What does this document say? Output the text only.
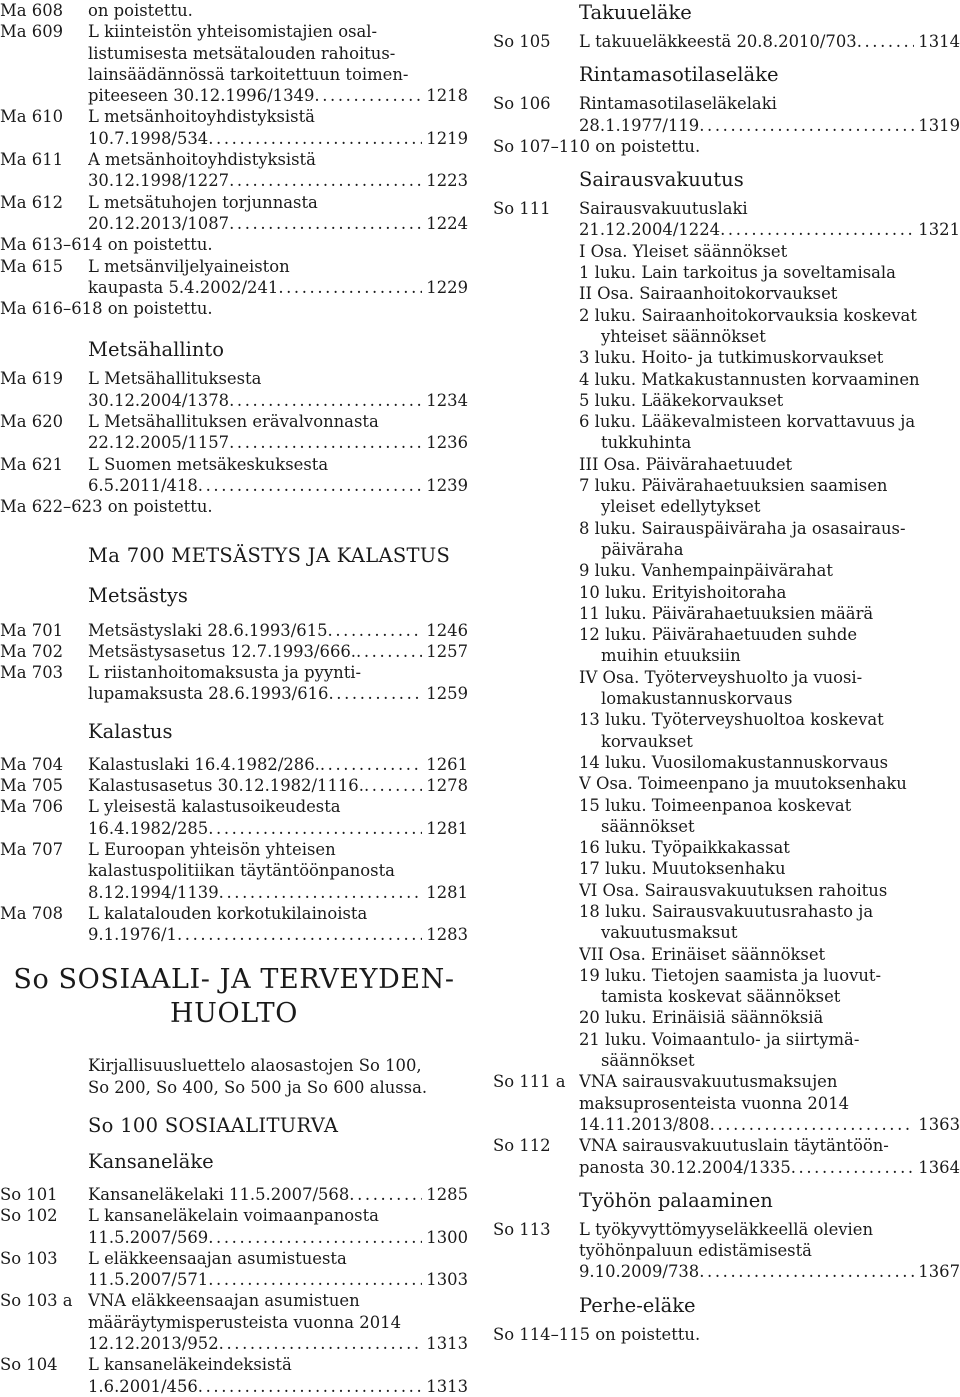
Ma 608	on poistettu.
Ma 609	L kiinteistön yhteisomistajien osal-
listumisesta metsätalouden rahoitus-
lainsäädännössä tarkoitettuun toimen-
piteeseen 30.12.1996/1349 .....	1218
Ma 610	L metsänhoitoyhdistyksistä
10.7.1998/534 .....	1219
Ma 611	A metsänhoitoyhdistyksistä
30.12.1998/1227 .....	1223
Ma 612	L metsätuhojen torjunnasta
20.12.2013/1087 .....	1224
Ma 613–614 on poistettu.
Ma 615	L metsänviljelyaineiston
kaupasta 5.4.2002/241 .....	1229
Ma 616–618 on poistettu.
Metsähallinto
Ma 619	L Metsähallituksesta
30.12.2004/1378 .....	1234
Ma 620	L Metsähallituksen erävalvonnasta
22.12.2005/1157 .....	1236
Ma 621	L Suomen metsäkeskuksesta
6.5.2011/418 .....	1239
Ma 622–623 on poistettu.
Ma 700 METSÄSTYS JA KALASTUS
Metsästys
Ma 701	Metsästyslaki 28.6.1993/615 .....	1246
Ma 702	Metsästysasetus 12.7.1993/666. .....	1257
Ma 703	L riistanhoitomaksusta ja pyynti-
lupamaksusta 28.6.1993/616 .....	1259
Kalastus
Ma 704	Kalastuslaki 16.4.1982/286. .....	1261
Ma 705	Kalastusasetus 30.12.1982/1116. .....	1278
Ma 706	L yleisestä kalastusoikeudesta
16.4.1982/285 .....	1281
Ma 707	L Euroopan yhteisön yhteisen
kalastuspolitiikan täytäntöönpanosta
8.12.1994/1139 .....	1281
Ma 708	L kalatalouden korkotukilainoista
9.1.1976/1 .....	1283
So SOSIAALI- JA TERVEYDEN-
HUOLTO
Kirjallisuusluettelo alaosastojen So 100,
So 200, So 400, So 500 ja So 600 alussa.
So 100 SOSIAALITURVA
Kansaneläke
So 101	Kansaneläkelaki 11.5.2007/568 .....	1285
So 102	L kansaneläkelain voimaanpanosta
11.5.2007/569 .....	1300
So 103	L eläkkeensaajan asumistuesta
11.5.2007/571 .....	1303
So 103 a VNA eläkkeensaajan asumistuen
määräytymisperusteista vuonna 2014
12.12.2013/952 .....	1313
So 104	L kansaneläkeindeksistä
1.6.2001/456 .....	1313
Takuueläke
So 105	L takuueläkkeestä 20.8.2010/703 .....	1314
Rintamasotilaseläke
So 106	Rintamasotilaseläkelaki
28.1.1977/119 .....	1319
So 107–110 on poistettu.
Sairausvakuutus
So 111	Sairausvakuutuslaki
21.12.2004/1224 .....	1321
I Osa. Yleiset säännökset
1 luku. Lain tarkoitus ja soveltamisala
II Osa. Sairaanhoitokorvaukset
2 luku. Sairaanhoitokorvauksia koskevat
yhteiset säännökset
3 luku. Hoito- ja tutkimuskorvaukset
4 luku. Matkakustannusten korvaaminen
5 luku. Lääkekorvaukset
6 luku. Lääkevalmisteen korvattavuus ja
tukkuhinta
III Osa. Päivärahaetuudet
7 luku. Päivärahaetuuksien saamisen
yleiset edellytykset
8 luku. Sairauspäiväraha ja osasairaus-
päiväraha
9 luku. Vanhempainpäivärahat
10 luku. Erityishoitoraha
11 luku. Päivärahaetuuksien määrä
12 luku. Päivärahaetuuden suhde
muihin etuuksiin
IV Osa. Työterveyshuolto ja vuosi-
lomakustannuskorvaus
13 luku. Työterveyshuoltoa koskevat
korvaukset
14 luku. Vuosilomakustannuskorvaus
V Osa. Toimeenpano ja muutoksenhaku
15 luku. Toimeenpanoa koskevat
säännökset
16 luku. Työpaikkakassat
17 luku. Muutoksenhaku
VI Osa. Sairausvakuutuksen rahoitus
18 luku. Sairausvakuutusrahasto ja
vakuutusmaksut
VII Osa. Erinäiset säännökset
19 luku. Tietojen saamista ja luovut-
tamista koskevat säännökset
20 luku. Erinäisiä säännöksiä
21 luku. Voimaantulo- ja siirtymä-
säännökset
So 111 a VNA sairausvakuutusmaksujen
maksuprosenteista vuonna 2014
14.11.2013/808 .....	1363
So 112	VNA sairausvakuutuslain täytäntöön-
panosta 30.12.2004/1335 .....	1364
Työhön palaaminen
So 113	L työkyvyttömyyseläkkeellä olevien
työhönpaluun edistämisestä
9.10.2009/738 .....	1367
Perhe-eläke
So 114–115 on poistettu.
